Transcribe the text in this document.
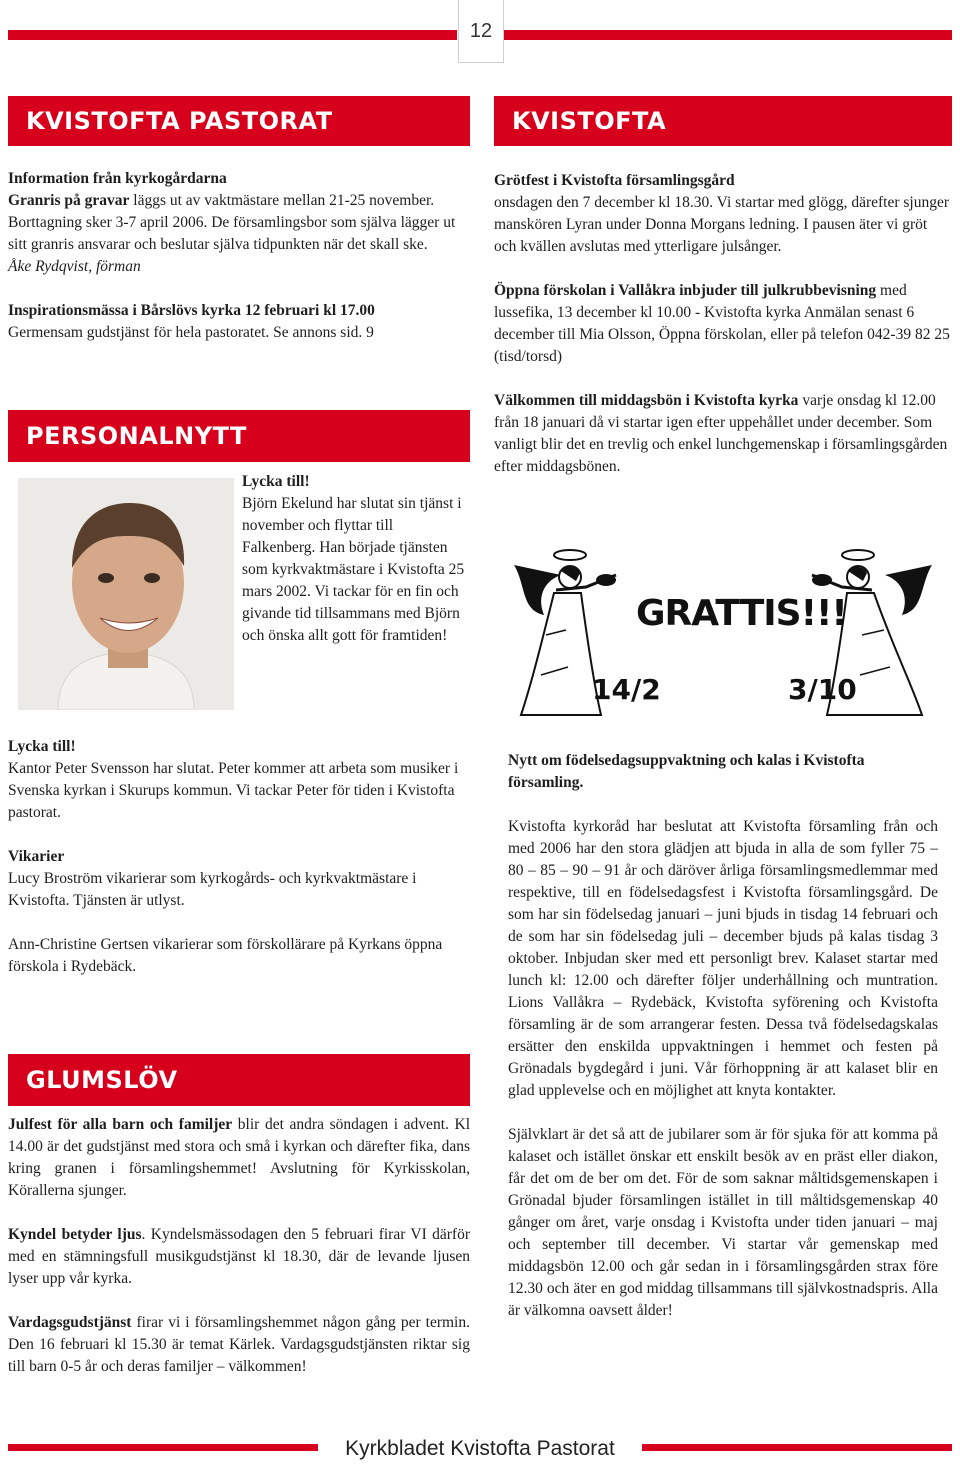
12
KVISTOFTA PASTORAT

Information från kyrkogårdarna

Granris på gravar läggs ut av vaktmästare mellan 21-25 november. Borttagning sker 3-7 april 2006. De församlingsbor som själva lägger ut sitt granris ansvarar och beslutar själva tidpunkten när det skall ske.

Åke Rydqvist, förman

Inspirationsmässa i Bårslövs kyrka 12 februari kl 17.00

Germensam gudstjänst för hela pastoratet. Se annons sid. 9

PERSONALNYTT

Lycka till!

Björn Ekelund har slutat sin tjänst i november och flyttar till Falkenberg. Han började tjänsten som kyrkvaktmästare i Kvistofta 25 mars 2002. Vi tackar för en fin och givande tid tillsammans med Björn och önska allt gott för framtiden!

Lycka till!

Kantor Peter Svensson har slutat. Peter kommer att arbeta som musiker i Svenska kyrkan i Skurups kommun. Vi tackar Peter för tiden i Kvistofta pastorat.

Vikarier

Lucy Broström vikarierar som kyrkogårds- och kyrkvaktmästare i Kvistofta. Tjänsten är utlyst.

Ann-Christine Gertsen vikarierar som förskollärare på Kyrkans öppna förskola i Rydebäck.

GLUMSLÖV

Julfest för alla barn och familjer blir det andra söndagen i advent. Kl 14.00 är det gudstjänst med stora och små i kyrkan och därefter fika, dans kring granen i församlingshemmet! Avslutning för Kyrkisskolan, Körallerna sjunger.

Kyndel betyder ljus. Kyndelsmässodagen den 5 februari firar VI därför med en stämningsfull musikgudstjänst kl 18.30, där de levande ljusen lyser upp vår kyrka.

Vardagsgudstjänst firar vi i församlingshemmet någon gång per termin. Den 16 februari kl 15.30 är temat Kärlek. Vardagsgudstjänsten riktar sig till barn 0-5 år och deras familjer – välkommen!

KVISTOFTA

Grötfest i Kvistofta församlingsgård

onsdagen den 7 december kl 18.30. Vi startar med glögg, därefter sjunger manskören Lyran under Donna Morgans ledning. I pausen äter vi gröt och kvällen avslutas med ytterligare julsånger.

Öppna förskolan i Vallåkra inbjuder till julkrubbevisning med lussefika, 13 december kl 10.00 - Kvistofta kyrka Anmälan senast 6 december till Mia Olsson, Öppna förskolan, eller på telefon 042-39 82 25 (tisd/torsd)

Välkommen till middagsbön i Kvistofta kyrka varje onsdag kl 12.00 från 18 januari då vi startar igen efter uppehållet under december. Som vanligt blir det en trevlig och enkel lunchgemenskap i församlingsgården efter middagsbönen.

GRATTIS!!!
14/2	3/10

Nytt om födelsedagsuppvaktning och kalas i Kvistofta församling.

Kvistofta kyrkoråd har beslutat att Kvistofta församling från och med 2006 har den stora glädjen att bjuda in alla de som fyller 75 – 80 – 85 – 90 – 91 år och däröver årliga församlingsmedlemmar med respektive, till en födelsedagsfest i Kvistofta församlingsgård. De som har sin födelsedag januari – juni bjuds in tisdag 14 februari och de som har sin födelsedag juli – december bjuds på kalas tisdag 3 oktober. Inbjudan sker med ett personligt brev. Kalaset startar med lunch kl: 12.00 och därefter följer underhållning och muntration. Lions Vallåkra – Rydebäck, Kvistofta syförening och Kvistofta församling är de som arrangerar festen. Dessa två födelsedagskalas ersätter den enskilda uppvaktningen i hemmet och festen på Grönadals bygdegård i juni. Vår förhoppning är att kalaset blir en glad upplevelse och en möjlighet att knyta kontakter.

Självklart är det så att de jubilarer som är för sjuka för att komma på kalaset och istället önskar ett enskilt besök av en präst eller diakon, får det om de ber om det. För de som saknar måltidsgemenskapen i Grönadal bjuder församlingen istället in till måltidsgemenskap 40 gånger om året, varje onsdag i Kvistofta under tiden januari – maj och september till december. Vi startar vår gemenskap med middagsbön 12.00 och går sedan in i församlingsgården strax före 12.30 och äter en god middag tillsammans till självkostnadspris. Alla är välkomna oavsett ålder!

Kyrkbladet Kvistofta Pastorat
